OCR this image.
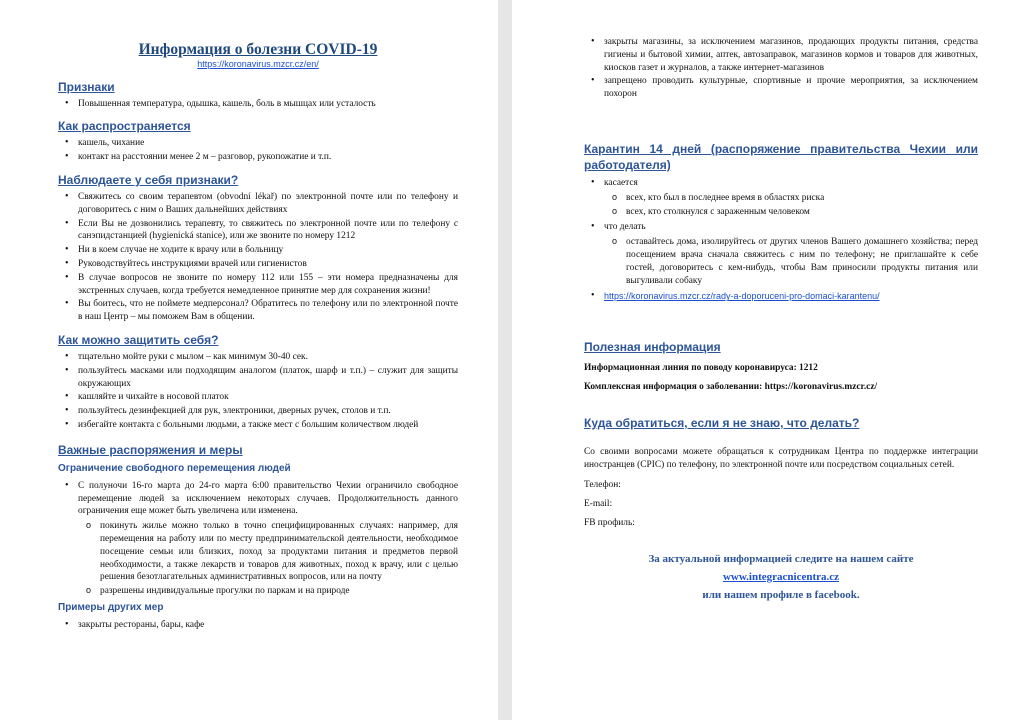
Информация о болезни COVID-19

https://koronavirus.mzcr.cz/en/

Признаки
• Повышенная температура, одышка, кашель, боль в мышцах или усталость
Как распространяется
• кашель, чихание
• контакт на расстоянии менее 2 м – разговор, рукопожатие и т.п.
Наблюдаете у себя признаки?
• Свяжитесь со своим терапевтом (obvodní lékař) по электронной почте или по телефону и договоритесь с ним о Ваших дальнейших действиях
• Если Вы не дозвонились терапевту, то свяжитесь по электронной почте или по телефону с санэпидстанцией (hygienická stanice), или же звоните по номеру 1212
• Ни в коем случае не ходите к врачу или в больницу
• Руководствуйтесь инструкциями врачей или гигиенистов
• В случае вопросов не звоните по номеру 112 или 155 – эти номера предназначены для экстренных случаев, когда требуется немедленное принятие мер для сохранения жизни!
• Вы боитесь, что не поймете медперсонал? Обратитесь по телефону или по электронной почте в наш Центр – мы поможем Вам в общении.
Как можно защитить себя?
• тщательно мойте руки с мылом – как минимум 30-40 сек.
• пользуйтесь масками или подходящим аналогом (платок, шарф и т.п.) – служит для защиты окружающих
• кашляйте и чихайте в носовой платок
• пользуйтесь дезинфекцией для рук, электроники, дверных ручек, столов и т.п.
• избегайте контакта с больными людьми, а также мест с большим количеством людей
Важные распоряжения и меры
Ограничение свободного перемещения людей
• С полуночи 16-го марта до 24-го марта 6:00 правительство Чехии ограничило свободное перемещение людей за исключением некоторых случаев. Продолжительность данного ограничения еще может быть увеличена или изменена.
o покинуть жилье можно только в точно специфицированных случаях: например, для перемещения на работу или по месту предпринимательской деятельности, необходимое посещение семьи или близких, поход за продуктами питания и предметов первой необходимости, а также лекарств и товаров для животных, поход к врачу, или с целью решения безотлагательных административных вопросов, или на почту
o разрешены индивидуальные прогулки по паркам и на природе
Примеры других мер
• закрыты рестораны, бары, кафе
• закрыты магазины, за исключением магазинов, продающих продукты питания, средства гигиены и бытовой химии, аптек, автозаправок, магазинов кормов и товаров для животных, киосков газет и журналов, а также интернет-магазинов
• запрещено проводить культурные, спортивные и прочие мероприятия, за исключением похорон
Карантин 14 дней (распоряжение правительства Чехии или работодателя)
• касается
o всех, кто был в последнее время в областях риска
o всех, кто столкнулся с зараженным человеком
• что делать
o оставайтесь дома, изолируйтесь от других членов Вашего домашнего хозяйства; перед посещением врача сначала свяжитесь с ним по телефону; не приглашайте к себе гостей, договоритесь с кем-нибудь, чтобы Вам приносили продукты питания или выгуливали собаку
• https://koronavirus.mzcr.cz/rady-a-doporuceni-pro-domaci-karantenu/
Полезная информация

Информационная линия по поводу коронавируса: 1212

Комплексная информация о заболевании: https://koronavirus.mzcr.cz/

Куда обратиться, если я не знаю, что делать?

Со своими вопросами можете обращаться к сотрудникам Центра по поддержке интеграции иностранцев (CPIC) по телефону, по электронной почте или посредством социальных сетей.

Телефон:

E-mail:

FB профиль:

За актуальной информацией следите на нашем сайте
www.integracnicentra.cz
или нашем профиле в facebook.
